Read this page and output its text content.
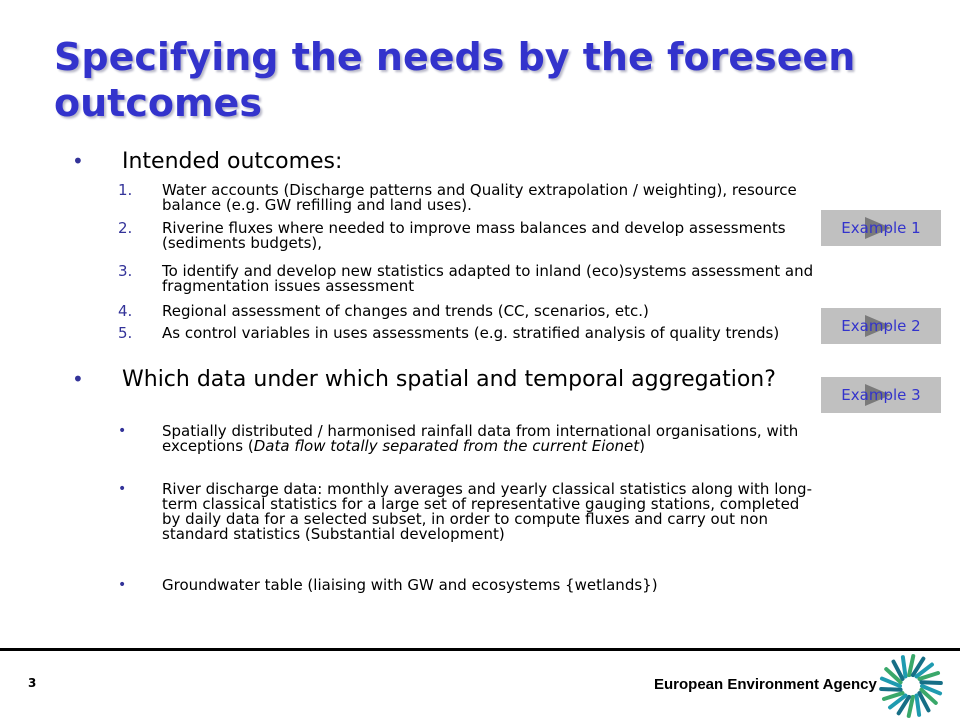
Specifying the needs by the foreseen outcomes
•	Intended outcomes:
1.	Water accounts (Discharge patterns and Quality extrapolation / weighting), resource balance (e.g. GW refilling and land uses).
2.	Riverine fluxes where needed to improve mass balances and develop assessments (sediments budgets),
3.	To identify and develop new statistics adapted to inland (eco)systems assessment and fragmentation issues assessment
4.	Regional assessment of changes and trends (CC, scenarios, etc.)
5.	As control variables in uses assessments (e.g. stratified analysis of quality trends)
•	Which data under which spatial and temporal aggregation?
•	Spatially distributed / harmonised rainfall data from international organisations, with exceptions (Data flow totally separated from the current Eionet)
•	River discharge data: monthly averages and yearly classical statistics along with long-term classical statistics for a large set of representative gauging stations, completed by daily data for a selected subset, in order to compute fluxes and carry out non standard statistics (Substantial development)
•	Groundwater table (liaising with GW and ecosystems {wetlands})
Example 1
Example 2
Example 3
3	European Environment Agency
